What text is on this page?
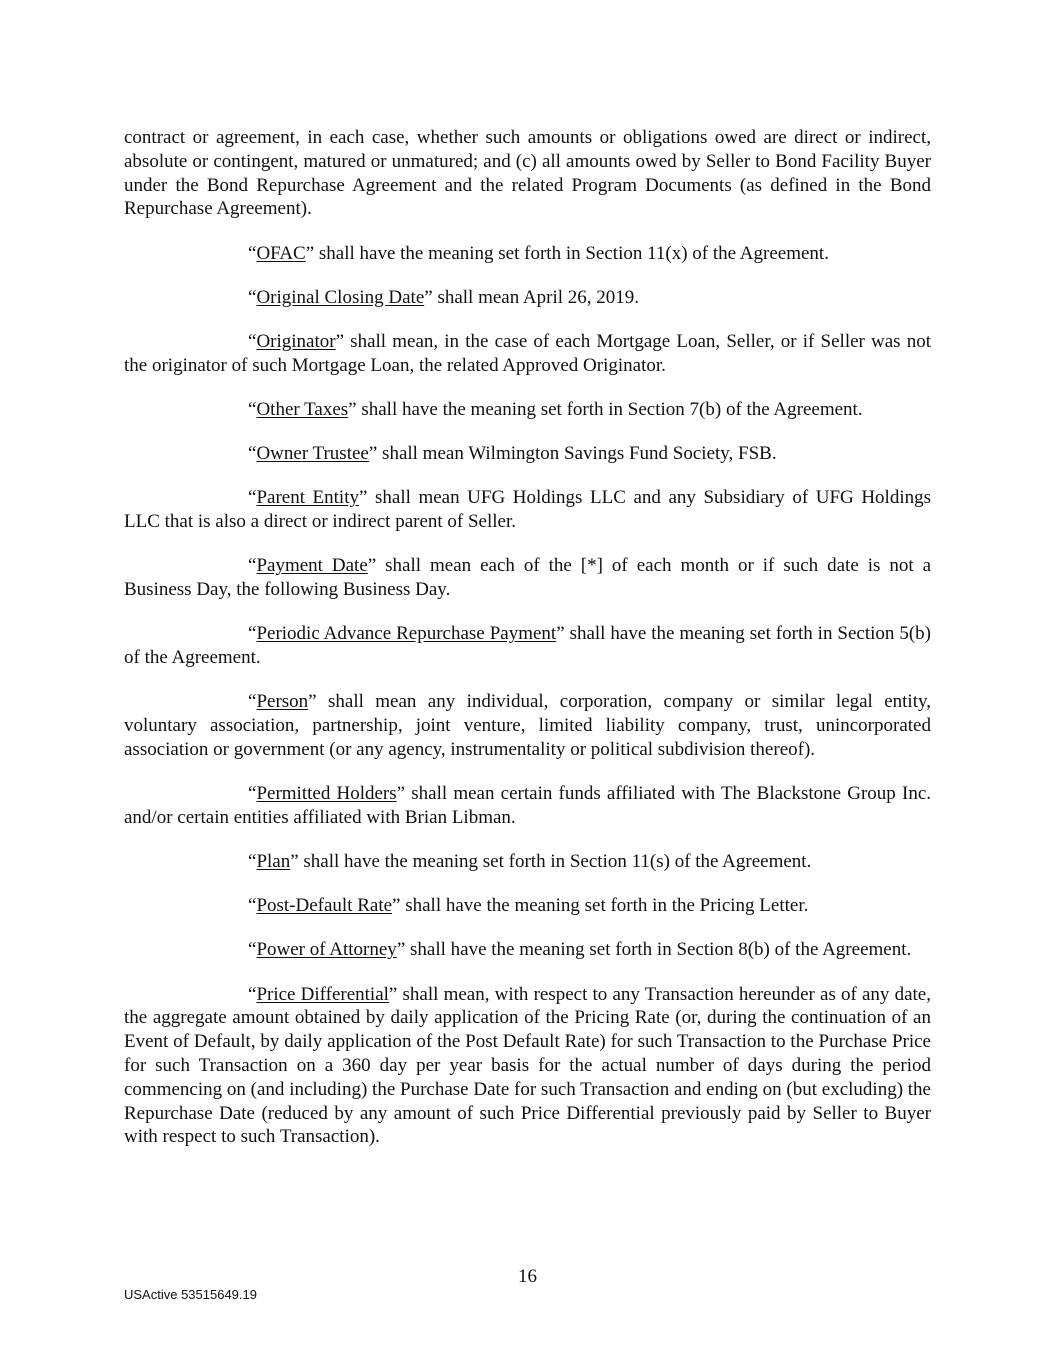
contract or agreement, in each case, whether such amounts or obligations owed are direct or indirect, absolute or contingent, matured or unmatured; and (c) all amounts owed by Seller to Bond Facility Buyer under the Bond Repurchase Agreement and the related Program Documents (as defined in the Bond Repurchase Agreement).

“OFAC” shall have the meaning set forth in Section 11(x) of the Agreement.

“Original Closing Date” shall mean April 26, 2019.

“Originator” shall mean, in the case of each Mortgage Loan, Seller, or if Seller was not the originator of such Mortgage Loan, the related Approved Originator.

“Other Taxes” shall have the meaning set forth in Section 7(b) of the Agreement.

“Owner Trustee” shall mean Wilmington Savings Fund Society, FSB.

“Parent Entity” shall mean UFG Holdings LLC and any Subsidiary of UFG Holdings LLC that is also a direct or indirect parent of Seller.

“Payment Date” shall mean each of the [*] of each month or if such date is not a Business Day, the following Business Day.

“Periodic Advance Repurchase Payment” shall have the meaning set forth in Section 5(b) of the Agreement.

“Person” shall mean any individual, corporation, company or similar legal entity, voluntary association, partnership, joint venture, limited liability company, trust, unincorporated association or government (or any agency, instrumentality or political subdivision thereof).

“Permitted Holders” shall mean certain funds affiliated with The Blackstone Group Inc. and/or certain entities affiliated with Brian Libman.

“Plan” shall have the meaning set forth in Section 11(s) of the Agreement.

“Post-Default Rate” shall have the meaning set forth in the Pricing Letter.

“Power of Attorney” shall have the meaning set forth in Section 8(b) of the Agreement.

“Price Differential” shall mean, with respect to any Transaction hereunder as of any date, the aggregate amount obtained by daily application of the Pricing Rate (or, during the continuation of an Event of Default, by daily application of the Post Default Rate) for such Transaction to the Purchase Price for such Transaction on a 360 day per year basis for the actual number of days during the period commencing on (and including) the Purchase Date for such Transaction and ending on (but excluding) the Repurchase Date (reduced by any amount of such Price Differential previously paid by Seller to Buyer with respect to such Transaction).

16
USActive 53515649.19
